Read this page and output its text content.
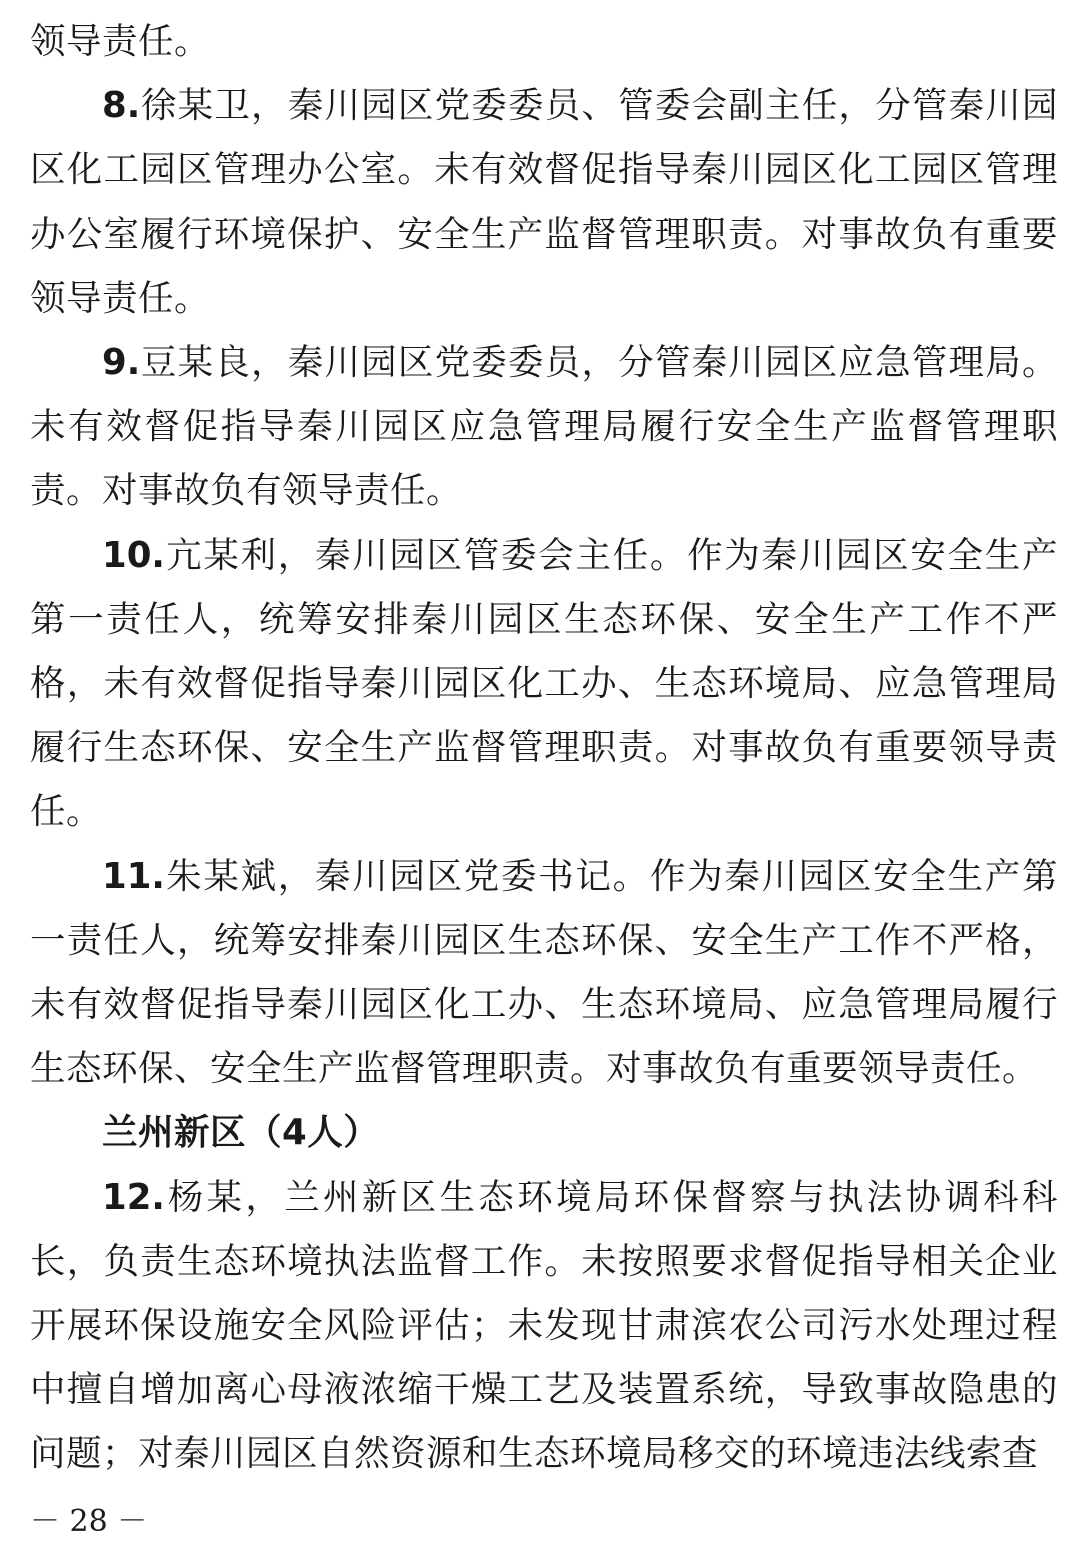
领导责任。

8.徐某卫，秦川园区党委委员、管委会副主任，分管秦川园区化工园区管理办公室。未有效督促指导秦川园区化工园区管理办公室履行环境保护、安全生产监督管理职责。对事故负有重要领导责任。

9.豆某良，秦川园区党委委员，分管秦川园区应急管理局。未有效督促指导秦川园区应急管理局履行安全生产监督管理职责。对事故负有领导责任。

10.亢某利，秦川园区管委会主任。作为秦川园区安全生产第一责任人，统筹安排秦川园区生态环保、安全生产工作不严格，未有效督促指导秦川园区化工办、生态环境局、应急管理局履行生态环保、安全生产监督管理职责。对事故负有重要领导责任。

11.朱某斌，秦川园区党委书记。作为秦川园区安全生产第一责任人，统筹安排秦川园区生态环保、安全生产工作不严格，未有效督促指导秦川园区化工办、生态环境局、应急管理局履行生态环保、安全生产监督管理职责。对事故负有重要领导责任。

兰州新区（4人）

12.杨某，兰州新区生态环境局环保督察与执法协调科科长，负责生态环境执法监督工作。未按照要求督促指导相关企业开展环保设施安全风险评估；未发现甘肃滨农公司污水处理过程中擅自增加离心母液浓缩干燥工艺及装置系统，导致事故隐患的问题；对秦川园区自然资源和生态环境局移交的环境违法线索查

－ 28 －
